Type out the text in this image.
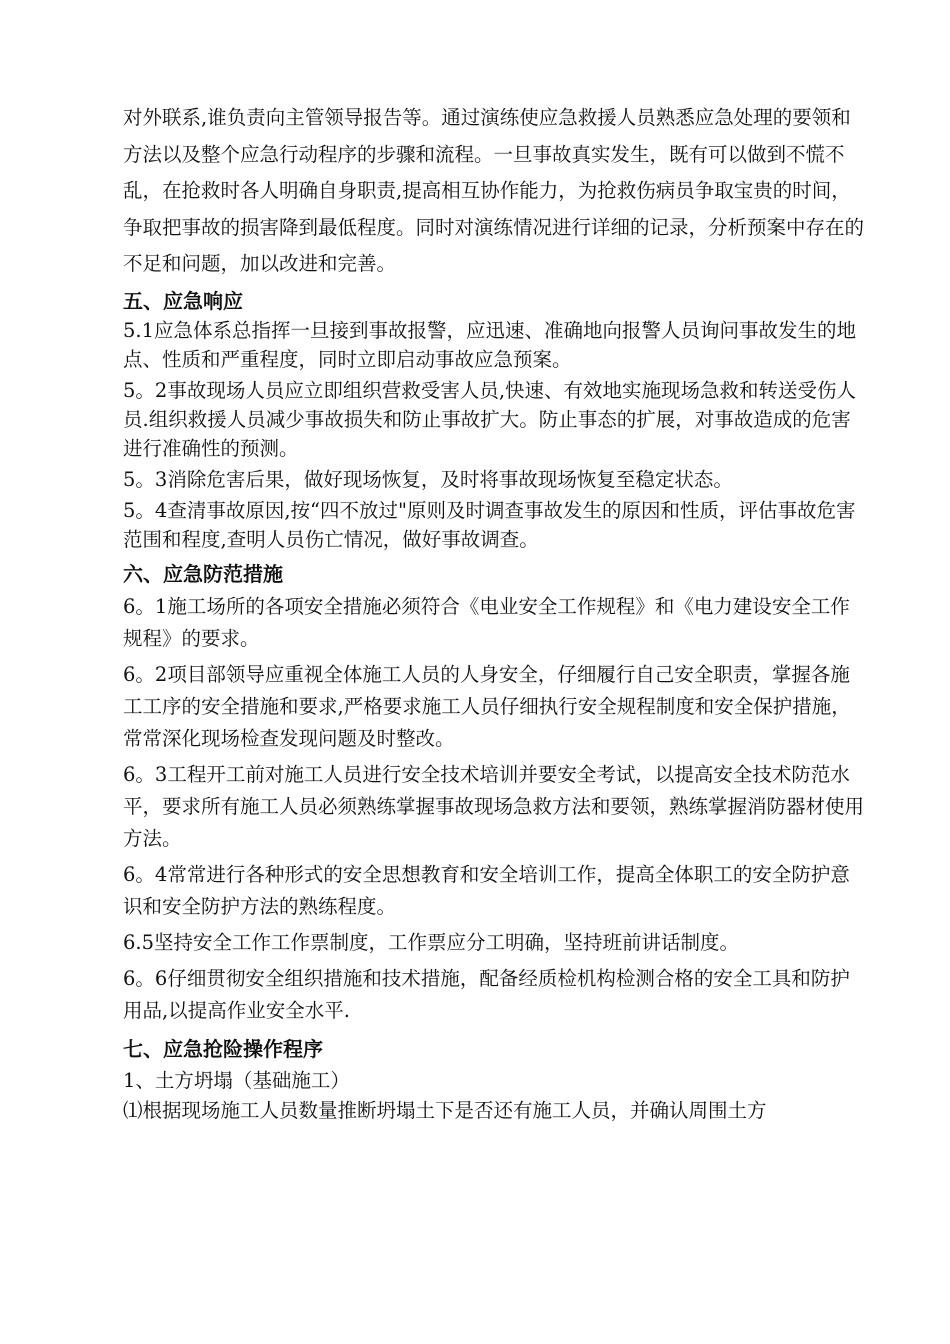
对外联系,谁负责向主管领导报告等。通过演练使应急救援人员熟悉应急处理的要领和方法以及整个应急行动程序的步骤和流程。一旦事故真实发生，既有可以做到不慌不乱，在抢救时各人明确自身职责,提高相互协作能力，为抢救伤病员争取宝贵的时间，争取把事故的损害降到最低程度。同时对演练情况进行详细的记录，分析预案中存在的不足和问题，加以改进和完善。

五、应急响应

5.1应急体系总指挥一旦接到事故报警，应迅速、准确地向报警人员询问事故发生的地点、性质和严重程度，同时立即启动事故应急预案。

5。2事故现场人员应立即组织营救受害人员,快速、有效地实施现场急救和转送受伤人员.组织救援人员减少事故损失和防止事故扩大。防止事态的扩展，对事故造成的危害进行准确性的预测。

5。3消除危害后果，做好现场恢复，及时将事故现场恢复至稳定状态。

5。4查清事故原因,按“四不放过"原则及时调查事故发生的原因和性质，评估事故危害范围和程度,查明人员伤亡情况，做好事故调查。

六、应急防范措施

6。1施工场所的各项安全措施必须符合《电业安全工作规程》和《电力建设安全工作规程》的要求。

6。2项目部领导应重视全体施工人员的人身安全，仔细履行自己安全职责，掌握各施工工序的安全措施和要求,严格要求施工人员仔细执行安全规程制度和安全保护措施，常常深化现场检查发现问题及时整改。

6。3工程开工前对施工人员进行安全技术培训并要安全考试，以提高安全技术防范水平，要求所有施工人员必须熟练掌握事故现场急救方法和要领，熟练掌握消防器材使用方法。

6。4常常进行各种形式的安全思想教育和安全培训工作，提高全体职工的安全防护意识和安全防护方法的熟练程度。

6.5坚持安全工作工作票制度，工作票应分工明确，坚持班前讲话制度。

6。6仔细贯彻安全组织措施和技术措施，配备经质检机构检测合格的安全工具和防护用品,以提高作业安全水平.

七、应急抢险操作程序

1、土方坍塌（基础施工）

⑴根据现场施工人员数量推断坍塌土下是否还有施工人员，并确认周围土方
